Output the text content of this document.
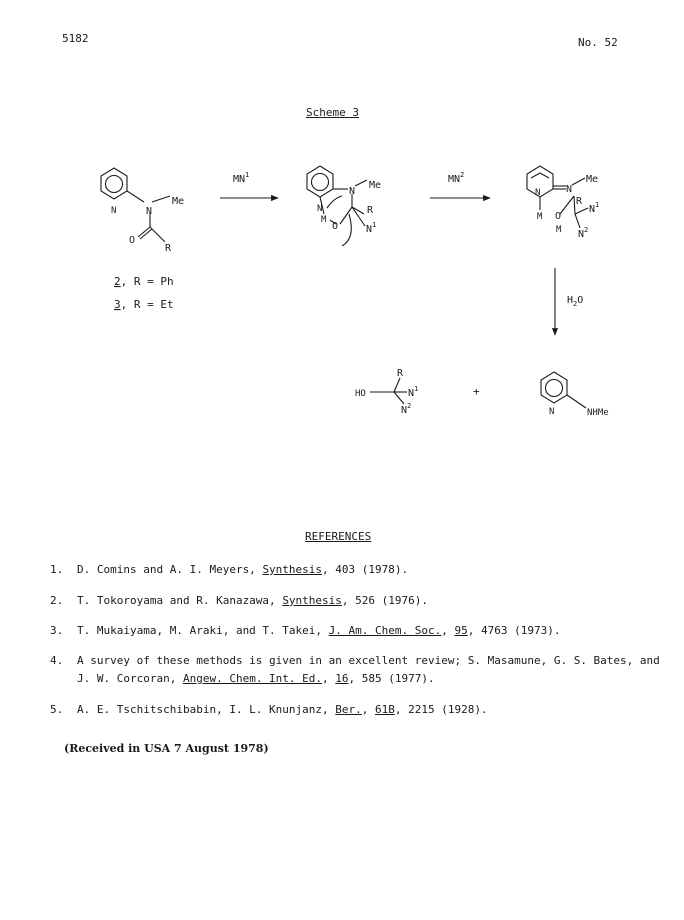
5182	No. 52
Scheme 3
N	N
Me
O
R
$MN^1$
N
N
Me
R
M
O	$N^1$
$MN^2$
N	N
Me
R
M O
M
$N^1$
$N^2$
2, R = Ph
3, R = Et	$H_2O$
R
HO	$N^1$
$N^2$
+
N	NHMe
REFERENCES
1. D. Comins and A. I. Meyers, Synthesis, 403 (1978).
2. T. Tokoroyama and R. Kanazawa, Synthesis, 526 (1976).
3. T. Mukaiyama, M. Araki, and T. Takei, J. Am. Chem. Soc., 95, 4763 (1973).
4. A survey of these methods is given in an excellent review; S. Masamune, G. S. Bates, and
J. W. Corcoran, Angew. Chem. Int. Ed., 16, 585 (1977).
5. A. E. Tschitschibabin, I. L. Knunjanz, Ber., 61B, 2215 (1928).
(Received in USA 7 August 1978)
